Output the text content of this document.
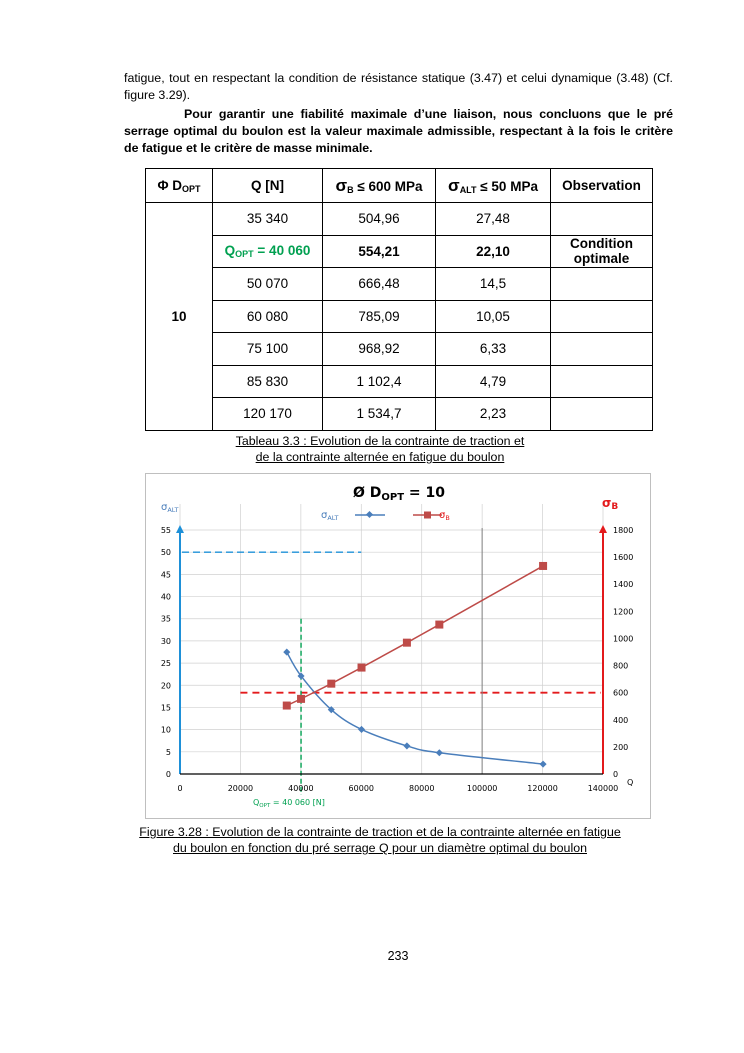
fatigue, tout en respectant la condition de résistance statique (3.47) et celui dynamique (3.48) (Cf. figure 3.29).
Pour garantir une fiabilité maximale d’une liaison, nous concluons que le pré serrage optimal du boulon est la valeur maximale admissible, respectant à la fois le critère de fatigue et le critère de masse minimale.
Φ $D_{OPT}$	Q [N]	$\sigma_B \le 600$ MPa	$\sigma_{ALT} \le 50$ MPa	Observation
10	35 340	504,96	27,48	
	$Q_{OPT} = 40$ 060	554,21	22,10	Condition optimale
	50 070	666,48	14,5	
	60 080	785,09	10,05	
	75 100	968,92	6,33	
	85 830	1 102,4	4,79	
	120 170	1 534,7	2,23	
Tableau 3.3 : Evolution de la contrainte de traction et
de la contrainte alternée en fatigue du boulon
0
5
10
15
20
25
30
35
40
45
50
55
0	20000	40000	60000	80000	100000	120000	140000
0
200
400
600
800
1000
1200
1400
1600
1800
Ø $D_{OPT} = 10$
$\sigma_{ALT}$	σB
$\sigma_{ALT}$	$\sigma_B$
Q
$Q_{OPT} = 40$ 060 [N]
Figure 3.28 : Evolution de la contrainte de traction et de la contrainte alternée en fatigue
du boulon en fonction du pré serrage Q pour un diamètre optimal du boulon
233
